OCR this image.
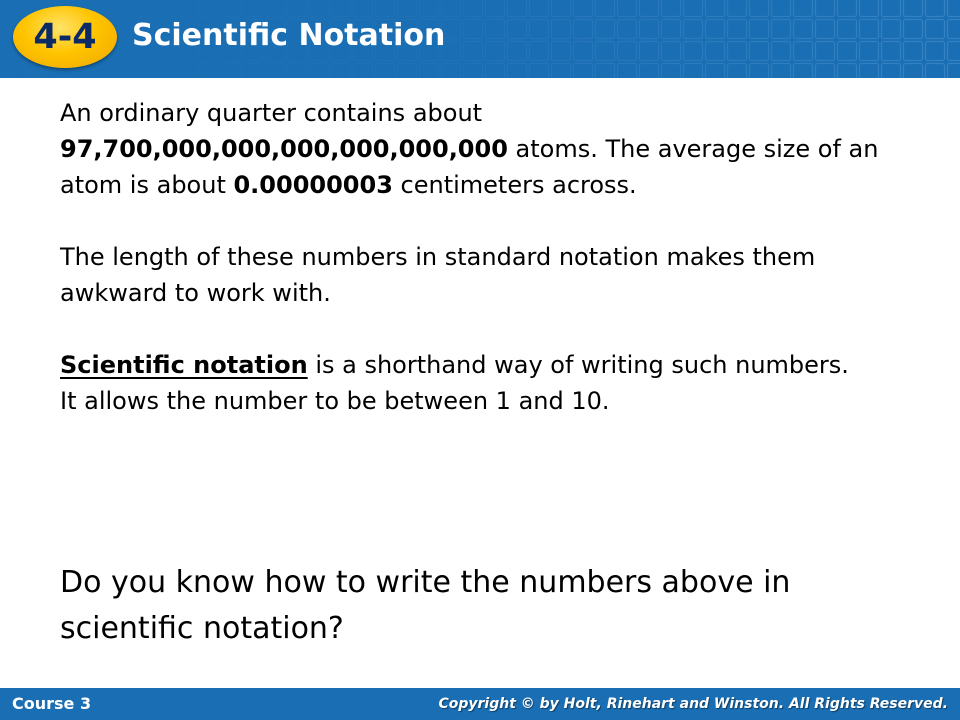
4-4 Scientific Notation

An ordinary quarter contains about 97,700,000,000,000,000,000,000 atoms. The average size of an atom is about 0.00000003 centimeters across.

The length of these numbers in standard notation makes them awkward to work with.

Scientific notation is a shorthand way of writing such numbers.

It allows the number to be between 1 and 10.

Do you know how to write the numbers above in scientific notation?

Course 3	Copyright © by Holt, Rinehart and Winston. All Rights Reserved.
